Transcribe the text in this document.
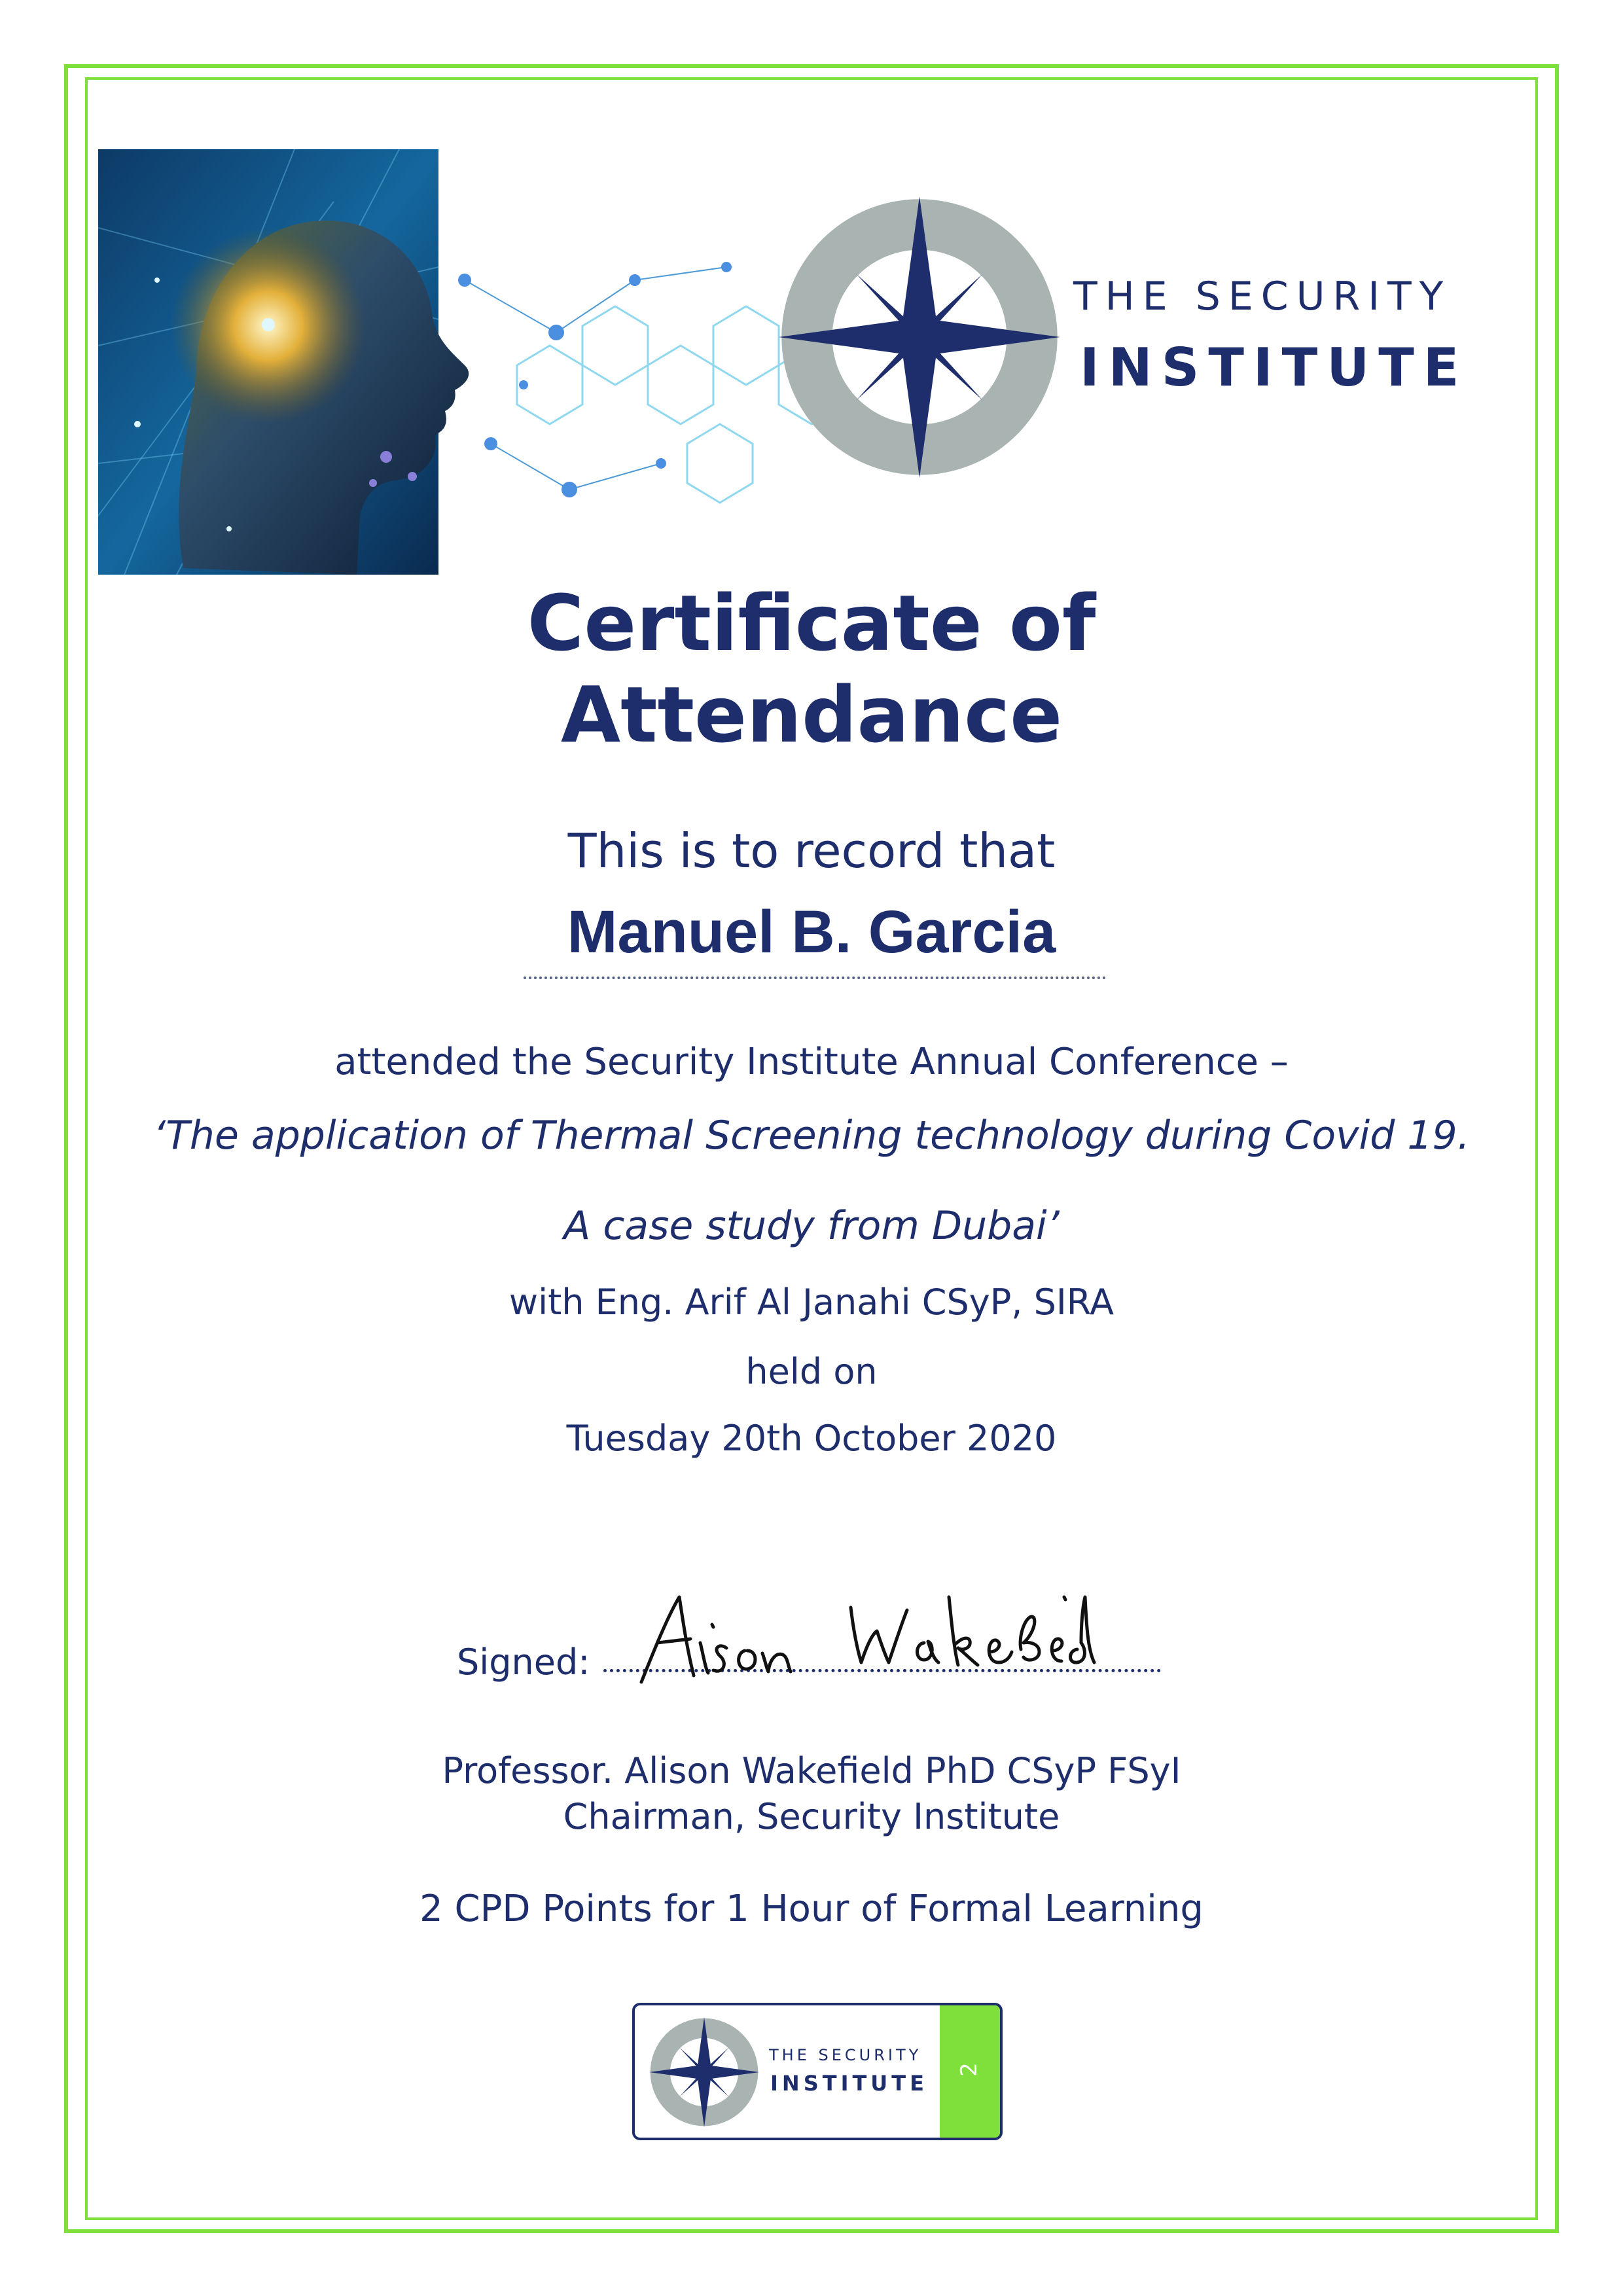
THE SECURITY
INSTITUTE
Certificate of
Attendance
This is to record that
Manuel B. Garcia
attended the Security Institute Annual Conference –
‘The application of Thermal Screening technology during Covid 19.
A case study from Dubai’
with Eng. Arif Al Janahi CSyP, SIRA
held on
Tuesday 20th October 2020
Signed:
Professor. Alison Wakefield PhD CSyP FSyI
Chairman, Security Institute
2 CPD Points for 1 Hour of Formal Learning
THE SECURITY
INSTITUTE
2
